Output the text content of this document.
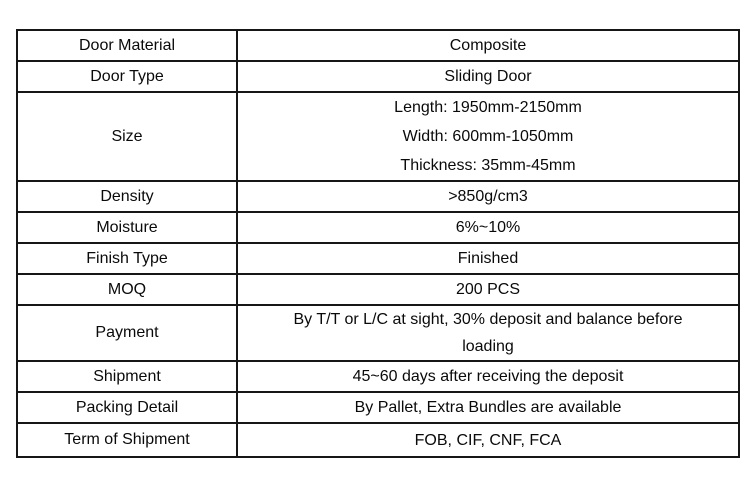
Door Material	Composite

Door Type	Sliding Door

Size	Length: 1950mm-2150mm
Width: 600mm-1050mm
Thickness: 35mm-45mm

Density	>850g/cm3

Moisture	6%~10%

Finish Type	Finished

MOQ	200 PCS

Payment	By T/T or L/C at sight, 30% deposit and balance before
loading

Shipment	45~60 days after receiving the deposit

Packing Detail	By Pallet, Extra Bundles are available

Term of Shipment	FOB, CIF, CNF, FCA
